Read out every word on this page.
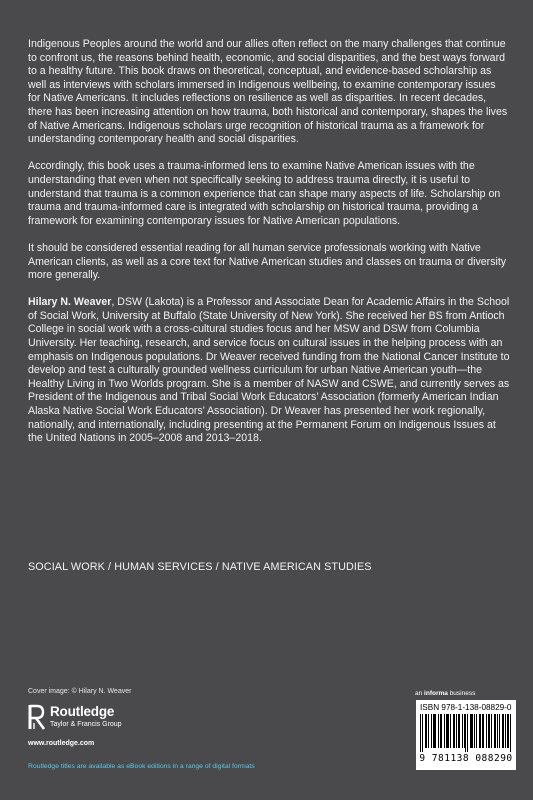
Indigenous Peoples around the world and our allies often reflect on the many challenges that continue to confront us, the reasons behind health, economic, and social disparities, and the best ways forward to a healthy future. This book draws on theoretical, conceptual, and evidence-based scholarship as well as interviews with scholars immersed in Indigenous wellbeing, to examine contemporary issues for Native Americans. It includes reflections on resilience as well as disparities. In recent decades, there has been increasing attention on how trauma, both historical and contemporary, shapes the lives of Native Americans. Indigenous scholars urge recognition of historical trauma as a framework for understanding contemporary health and social disparities.

Accordingly, this book uses a trauma-informed lens to examine Native American issues with the understanding that even when not specifically seeking to address trauma directly, it is useful to understand that trauma is a common experience that can shape many aspects of life. Scholarship on trauma and trauma-informed care is integrated with scholarship on historical trauma, providing a framework for examining contemporary issues for Native American populations.

It should be considered essential reading for all human service professionals working with Native American clients, as well as a core text for Native American studies and classes on trauma or diversity more generally.

Hilary N. Weaver, DSW (Lakota) is a Professor and Associate Dean for Academic Affairs in the School of Social Work, University at Buffalo (State University of New York). She received her BS from Antioch College in social work with a cross-cultural studies focus and her MSW and DSW from Columbia University. Her teaching, research, and service focus on cultural issues in the helping process with an emphasis on Indigenous populations. Dr Weaver received funding from the National Cancer Institute to develop and test a culturally grounded wellness curriculum for urban Native American youth—the Healthy Living in Two Worlds program. She is a member of NASW and CSWE, and currently serves as President of the Indigenous and Tribal Social Work Educators’ Association (formerly American Indian Alaska Native Social Work Educators’ Association). Dr Weaver has presented her work regionally, nationally, and internationally, including presenting at the Permanent Forum on Indigenous Issues at the United Nations in 2005–2008 and 2013–2018.

SOCIAL WORK / HUMAN SERVICES / NATIVE AMERICAN STUDIES
Cover image: © Hilary N. Weaver	an informa business
Routledge
Taylor & Francis Group
www.routledge.com
Routledge titles are available as eBook editions in a range of digital formats
ISBN 978-1-138-08829-0
9 781138 088290
